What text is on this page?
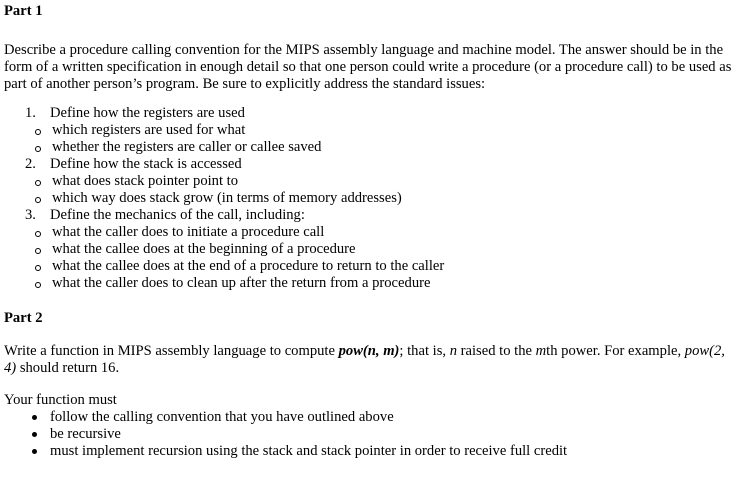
Part 1

Describe a procedure calling convention for the MIPS assembly language and machine model. The answer should be in the form of a written specification in enough detail so that one person could write a procedure (or a procedure call) to be used as part of another person’s program. Be sure to explicitly address the standard issues:

1. Define how the registers are used
which registers are used for what
whether the registers are caller or callee saved
2. Define how the stack is accessed
what does stack pointer point to
which way does stack grow (in terms of memory addresses)
3. Define the mechanics of the call, including:
what the caller does to initiate a procedure call
what the callee does at the beginning of a procedure
what the callee does at the end of a procedure to return to the caller
what the caller does to clean up after the return from a procedure
Part 2

Write a function in MIPS assembly language to compute pow(n, m); that is, n raised to the mth power. For example, pow(2, 4) should return 16.

Your function must

follow the calling convention that you have outlined above
be recursive
must implement recursion using the stack and stack pointer in order to receive full credit
